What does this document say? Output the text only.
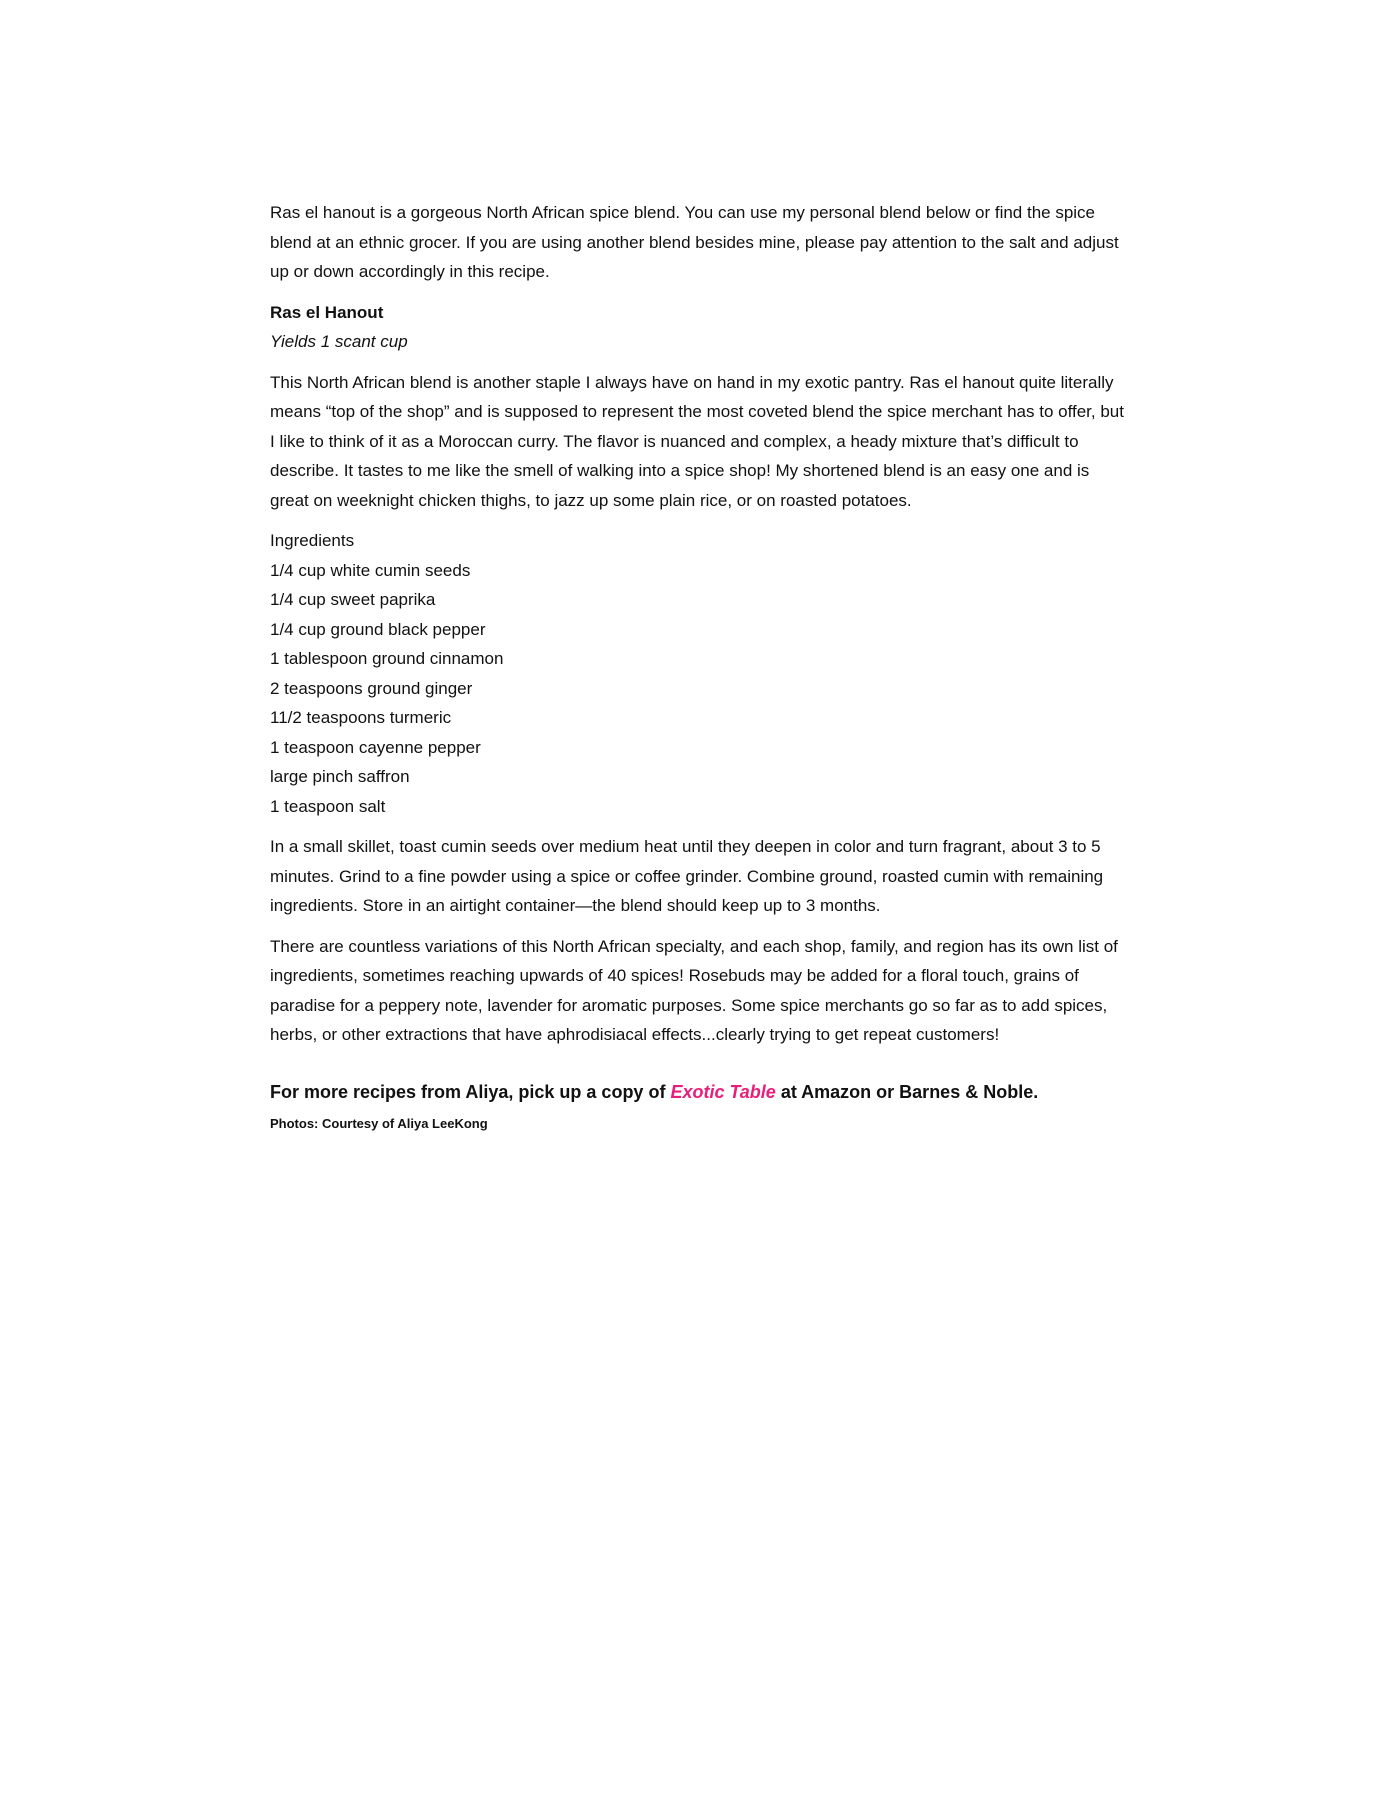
Ras el hanout is a gorgeous North African spice blend. You can use my personal blend below or find the spice blend at an ethnic grocer. If you are using another blend besides mine, please pay attention to the salt and adjust up or down accordingly in this recipe.

Ras el Hanout
Yields 1 scant cup

This North African blend is another staple I always have on hand in my exotic pantry. Ras el hanout quite literally means “top of the shop” and is supposed to represent the most coveted blend the spice merchant has to offer, but I like to think of it as a Moroccan curry. The flavor is nuanced and complex, a heady mixture that’s difficult to describe. It tastes to me like the smell of walking into a spice shop! My shortened blend is an easy one and is great on weeknight chicken thighs, to jazz up some plain rice, or on roasted potatoes.

Ingredients
1/4 cup white cumin seeds
1/4 cup sweet paprika
1/4 cup ground black pepper
1 tablespoon ground cinnamon
2 teaspoons ground ginger
11/2 teaspoons turmeric
1 teaspoon cayenne pepper
large pinch saffron
1 teaspoon salt

In a small skillet, toast cumin seeds over medium heat until they deepen in color and turn fragrant, about 3 to 5 minutes. Grind to a fine powder using a spice or coffee grinder. Combine ground, roasted cumin with remaining ingredients. Store in an airtight container—the blend should keep up to 3 months.

There are countless variations of this North African specialty, and each shop, family, and region has its own list of ingredients, sometimes reaching upwards of 40 spices! Rosebuds may be added for a floral touch, grains of paradise for a peppery note, lavender for aromatic purposes. Some spice merchants go so far as to add spices, herbs, or other extractions that have aphrodisiacal effects...clearly trying to get repeat customers!

For more recipes from Aliya, pick up a copy of Exotic Table at Amazon or Barnes & Noble.

Photos: Courtesy of Aliya LeeKong
